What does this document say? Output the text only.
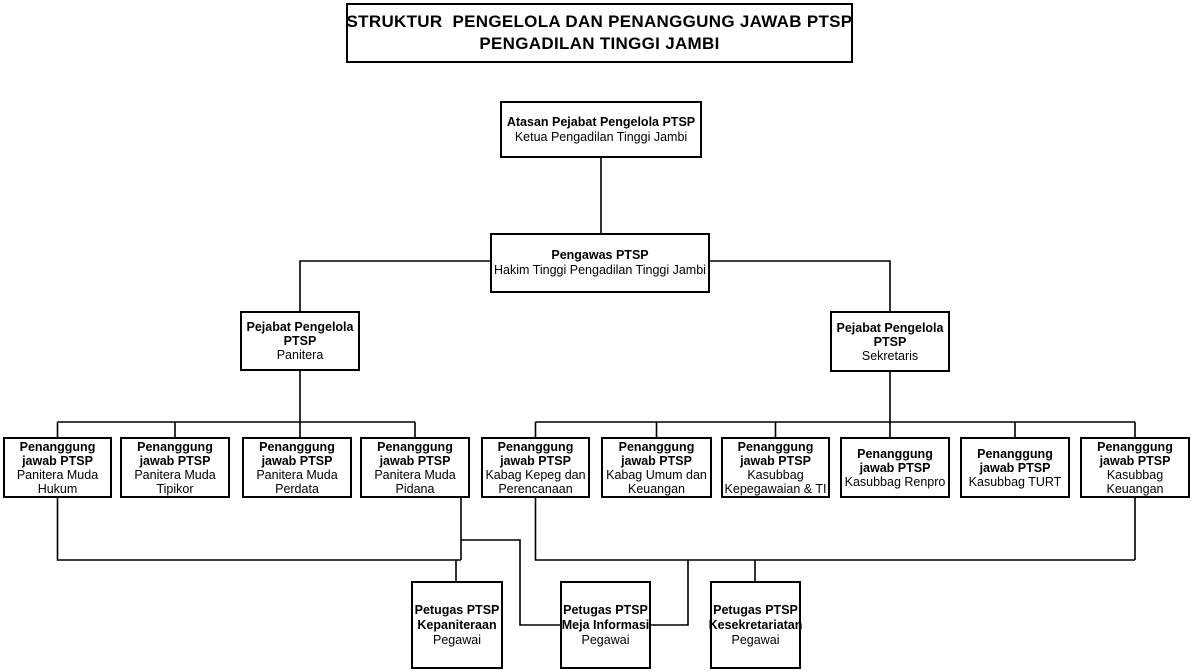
STRUKTUR  PENGELOLA DAN PENANGGUNG JAWAB PTSP
PENGADILAN TINGGI JAMBI
Atasan Pejabat Pengelola PTSP
Ketua Pengadilan Tinggi Jambi
Pengawas PTSP
Hakim Tinggi Pengadilan Tinggi Jambi
Pejabat Pengelola PTSP
Panitera
Pejabat Pengelola PTSP
Sekretaris
Penanggung jawab PTSP
Panitera Muda Hukum
Penanggung jawab PTSP
Panitera Muda Tipikor
Penanggung jawab PTSP
Panitera Muda Perdata
Penanggung jawab PTSP
Panitera Muda Pidana
Penanggung jawab PTSP
Kabag Kepeg dan Perencanaan
Penanggung jawab PTSP
Kabag Umum dan Keuangan
Penanggung jawab PTSP
Kasubbag Kepegawaian & TI
Penanggung jawab PTSP
Kasubbag Renpro
Penanggung jawab PTSP
Kasubbag TURT
Penanggung jawab PTSP
Kasubbag Keuangan
Petugas PTSP
Kepaniteraan
Pegawai
Petugas PTSP
Meja Informasi
Pegawai
Petugas PTSP
Kesekretariatan
Pegawai
